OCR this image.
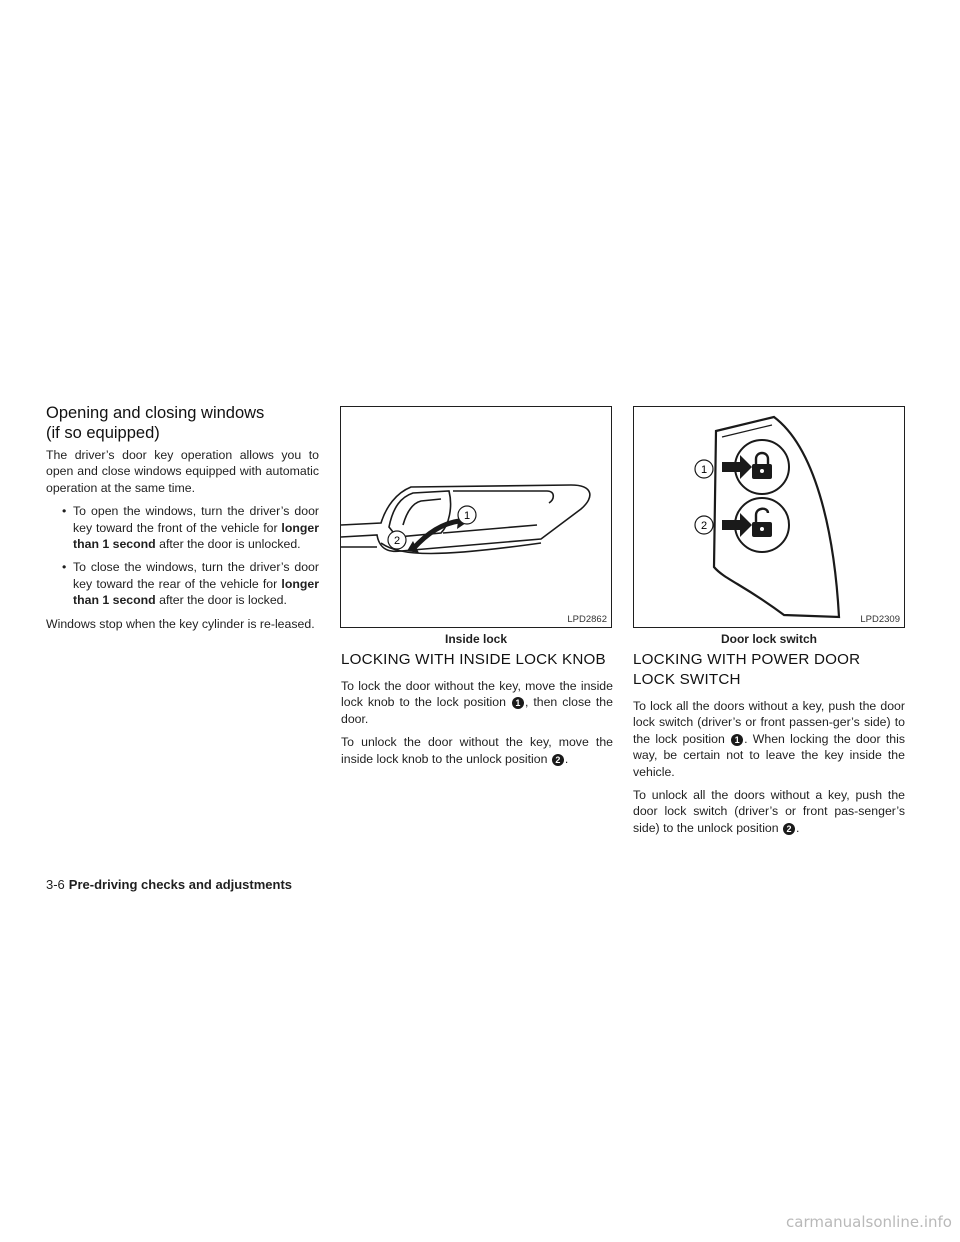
Opening and closing windows
(if so equipped)

The driver’s door key operation allows you to open and close windows equipped with automatic operation at the same time.

• To open the windows, turn the driver’s door key toward the front of the vehicle for longer than 1 second after the door is unlocked.
• To close the windows, turn the driver’s door key toward the rear of the vehicle for longer than 1 second after the door is locked.

Windows stop when the key cylinder is re-leased.

1
2
LPD2862
Inside lock
1
2
LPD2309
Door lock switch
LOCKING WITH INSIDE LOCK KNOB

To lock the door without the key, move the inside lock knob to the lock position 1 , then close the door.

To unlock the door without the key, move the inside lock knob to the unlock position 2 .

LOCKING WITH POWER DOOR
LOCK SWITCH

To lock all the doors without a key, push the door lock switch (driver’s or front passen-ger’s side) to the lock position 1 . When locking the door this way, be certain not to leave the key inside the vehicle.

To unlock all the doors without a key, push the door lock switch (driver’s or front pas-senger’s side) to the unlock position 2 .

3-6 Pre-driving checks and adjustments
carmanualsonline.info
